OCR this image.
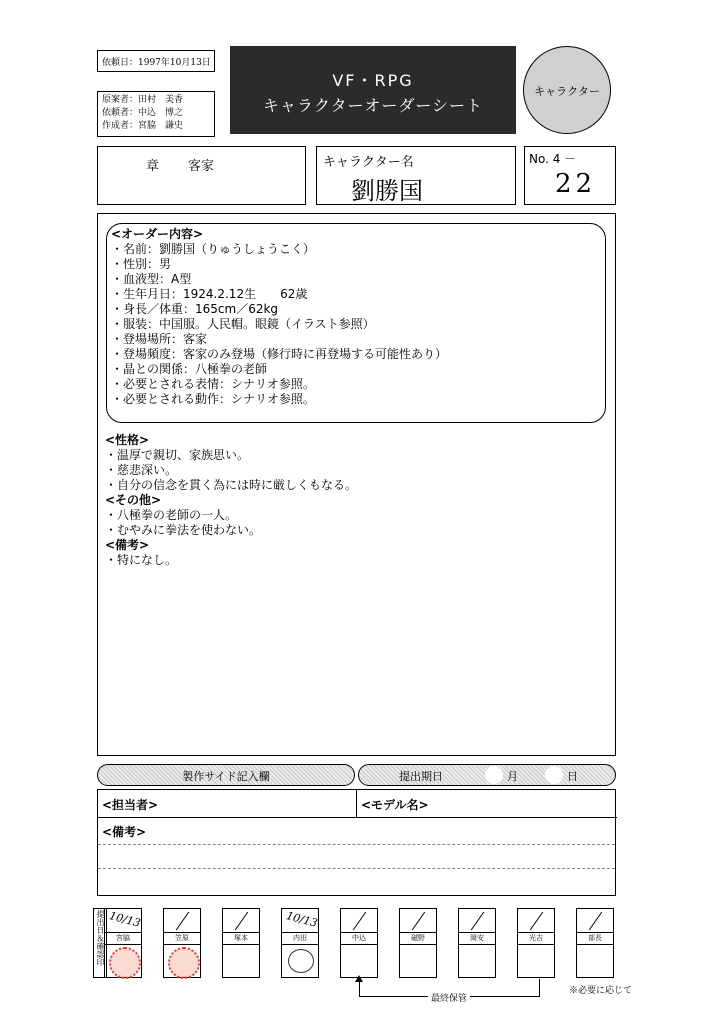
依頼日：1997年10月13日
原案者：田村　美香
依頼者：中込　博之
作成者：宮脇　謙史
VF・RPG
キャラクターオーダーシート
キャラクター
章 客家	キャラクター名
劉勝国
No. 4 －
22
<オーダー内容>
・名前：劉勝国（りゅうしょうこく）
・性別：男
・血液型：A型
・生年月日：1924.2.12生　　62歳
・身長／体重：165cm／62kg
・服装：中国服。人民帽。眼鏡（イラスト参照）
・登場場所：客家
・登場頻度：客家のみ登場（修行時に再登場する可能性あり）
・晶との関係：八極拳の老師
・必要とされる表情：シナリオ参照。
・必要とされる動作：シナリオ参照。
<性格>
・温厚で親切、家族思い。
・慈悲深い。
・自分の信念を貫く為には時に厳しくもなる。
<その他>
・八極拳の老師の一人。
・むやみに拳法を使わない。
<備考>
・特になし。
製作サイド記入欄	提出期日	月	日
<担当者>	<モデル名>
<備考>
提出日＆確認印 10/13
宮脇	笠原	塚本
10/13
内田	中込	磁野	岡安	光吉	部長
最終保管
※必要に応じて
